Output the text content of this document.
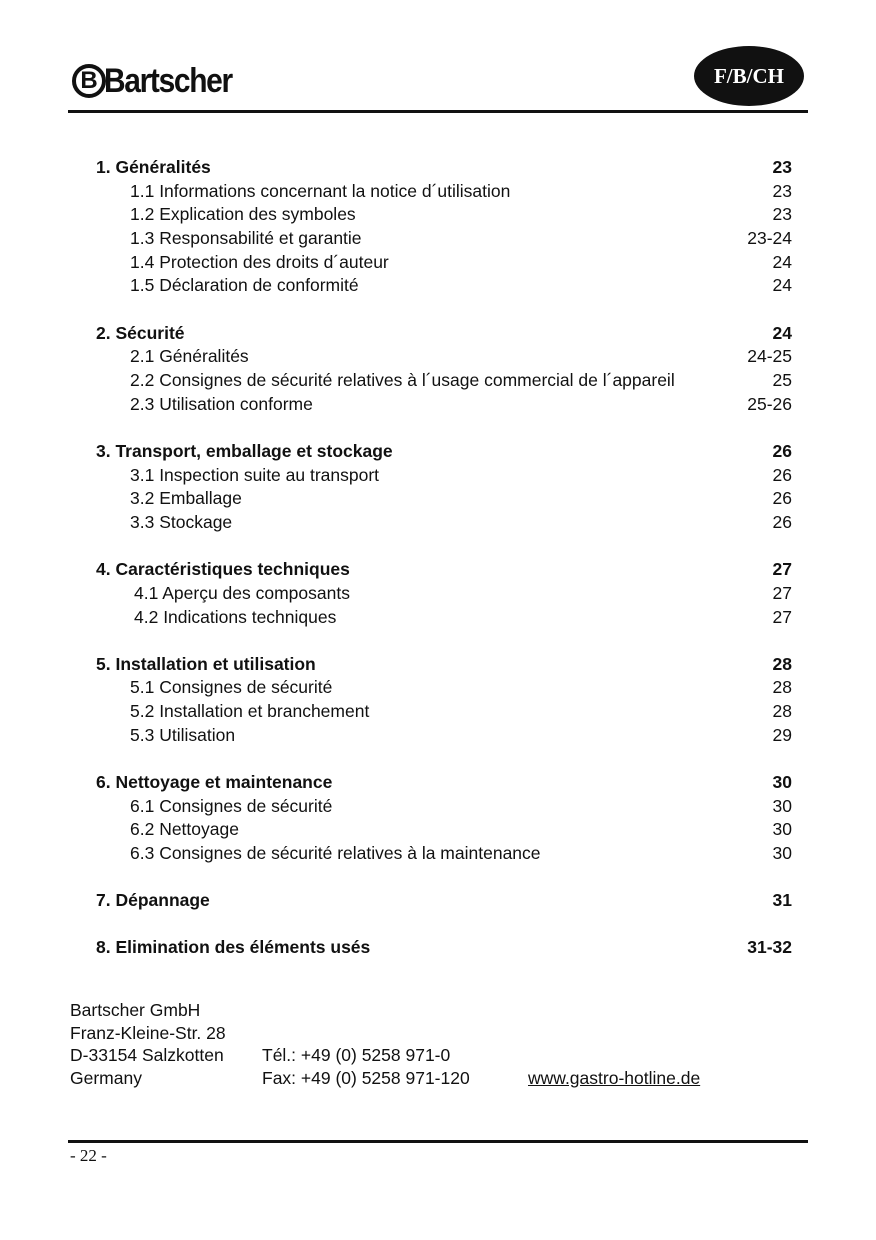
B Bartscher	F/B/CH
1. Généralités	23
1.1 Informations concernant la notice d´utilisation	23
1.2 Explication des symboles	23
1.3 Responsabilité et garantie	23-24
1.4 Protection des droits d´auteur	24
1.5 Déclaration de conformité	24
2. Sécurité	24
2.1 Généralités	24-25
2.2 Consignes de sécurité relatives à l´usage commercial de l´appareil	25
2.3 Utilisation conforme	25-26
3. Transport, emballage et stockage	26
3.1 Inspection suite au transport	26
3.2 Emballage	26
3.3 Stockage	26
4. Caractéristiques techniques	27
4.1 Aperçu des composants	27
4.2 Indications techniques	27
5. Installation et utilisation	28
5.1 Consignes de sécurité	28
5.2 Installation et branchement	28
5.3 Utilisation	29
6. Nettoyage et maintenance	30
6.1 Consignes de sécurité	30
6.2 Nettoyage	30
6.3 Consignes de sécurité relatives à la maintenance	30
7. Dépannage	31
8. Elimination des éléments usés	31-32
Bartscher GmbH
Franz-Kleine-Str. 28
D-33154 Salzkotten Tél.: +49 (0) 5258 971-0
Germany	Fax: +49 (0) 5258 971-120	www.gastro-hotline.de
- 22 -
